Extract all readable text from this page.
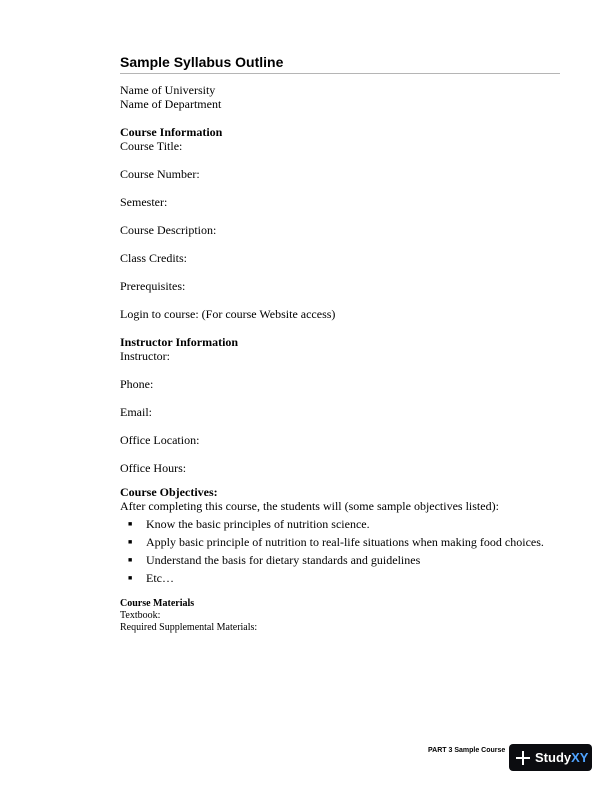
Sample Syllabus Outline
Name of University
Name of Department
Course Information
Course Title:
Course Number:
Semester:
Course Description:
Class Credits:
Prerequisites:
Login to course: (For course Website access)
Instructor Information
Instructor:
Phone:
Email:
Office Location:
Office Hours:
Course Objectives:
After completing this course, the students will (some sample objectives listed):
■ Know the basic principles of nutrition science.
■ Apply basic principle of nutrition to real-life situations when making food choices.
■ Understand the basis for dietary standards and guidelines
■ Etc…
Course Materials
Textbook:
Required Supplemental Materials:
PART 3 Sample Course Study XY
